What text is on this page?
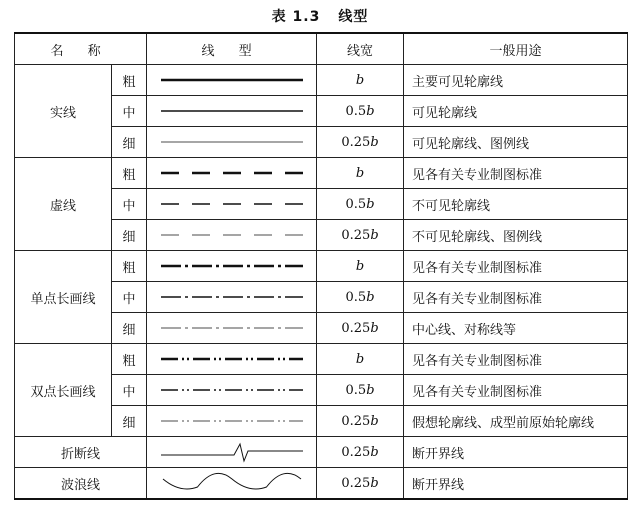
表 1.3 线型
名 称		线 型	线宽	一般用途
实线	粗		b	主要可见轮廓线
	中		0.5b	可见轮廓线
	细		0.25b	可见轮廓线、图例线
虚线	粗		b	见各有关专业制图标准
	中		0.5b	不可见轮廓线
	细		0.25b	不可见轮廓线、图例线
单点长画线	粗		b	见各有关专业制图标准
	中		0.5b	见各有关专业制图标准
	细		0.25b	中心线、对称线等
双点长画线	粗		b	见各有关专业制图标准
	中		0.5b	见各有关专业制图标准
	细		0.25b	假想轮廓线、成型前原始轮廓线
折断线			0.25b	断开界线
波浪线			0.25b	断开界线
